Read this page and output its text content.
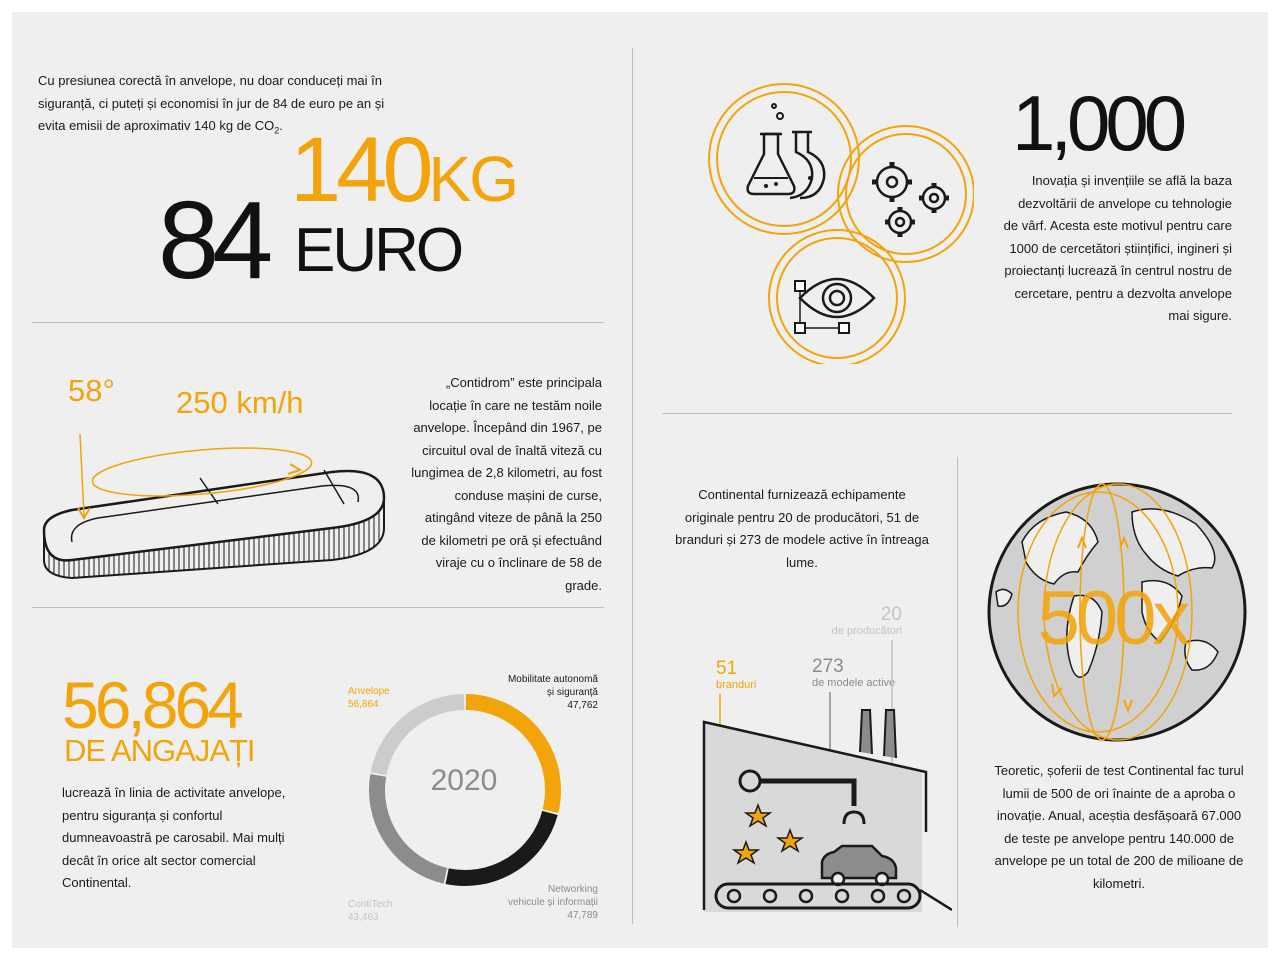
Cu presiunea corectă în anvelope, nu doar conduceți mai în siguranță, ci puteți și economisi în jur de 84 de euro pe an și evita emisii de aproximativ 140 kg de $CO_2$. 140KG
84 EURO
1,000
Inovația și invențiile se află la baza dezvoltării de anvelope cu tehnologie de vârf. Acesta este motivul pentru care 1000 de cercetători științifici, ingineri și proiectanți lucrează în centrul nostru de cercetare, pentru a dezvolta anvelope mai sigure.
58° 250 km/h
„Contidrom” este principala locație în care ne testăm noile anvelope. Începând din 1967, pe circuitul oval de înaltă viteză cu lungimea de 2,8 kilometri, au fost conduse mașini de curse, atingând viteze de până la 250 de kilometri pe oră și efectuând viraje cu o înclinare de 58 de grade.
56,864
DE ANGAJAȚI
lucrează în linia de activitate anvelope, pentru siguranța și confortul dumneavoastră pe carosabil. Mai mulți decât în orice alt sector comercial Continental.
2020
Anvelope
56,864
Mobilitate autonomă
și siguranță
47,762
Networking
vehicule și informații
47,789
ContiTech
43,463
Continental furnizează echipamente originale pentru 20 de producători, 51 de branduri și 273 de modele active în întreaga lume.
20
de producători
273
de modele active
51
branduri
500x
Teoretic, șoferii de test Continental fac turul lumii de 500 de ori înainte de a aproba o inovație. Anual, aceștia desfășoară 67.000 de teste pe anvelope pentru 140.000 de anvelope pe un total de 200 de milioane de kilometri.
